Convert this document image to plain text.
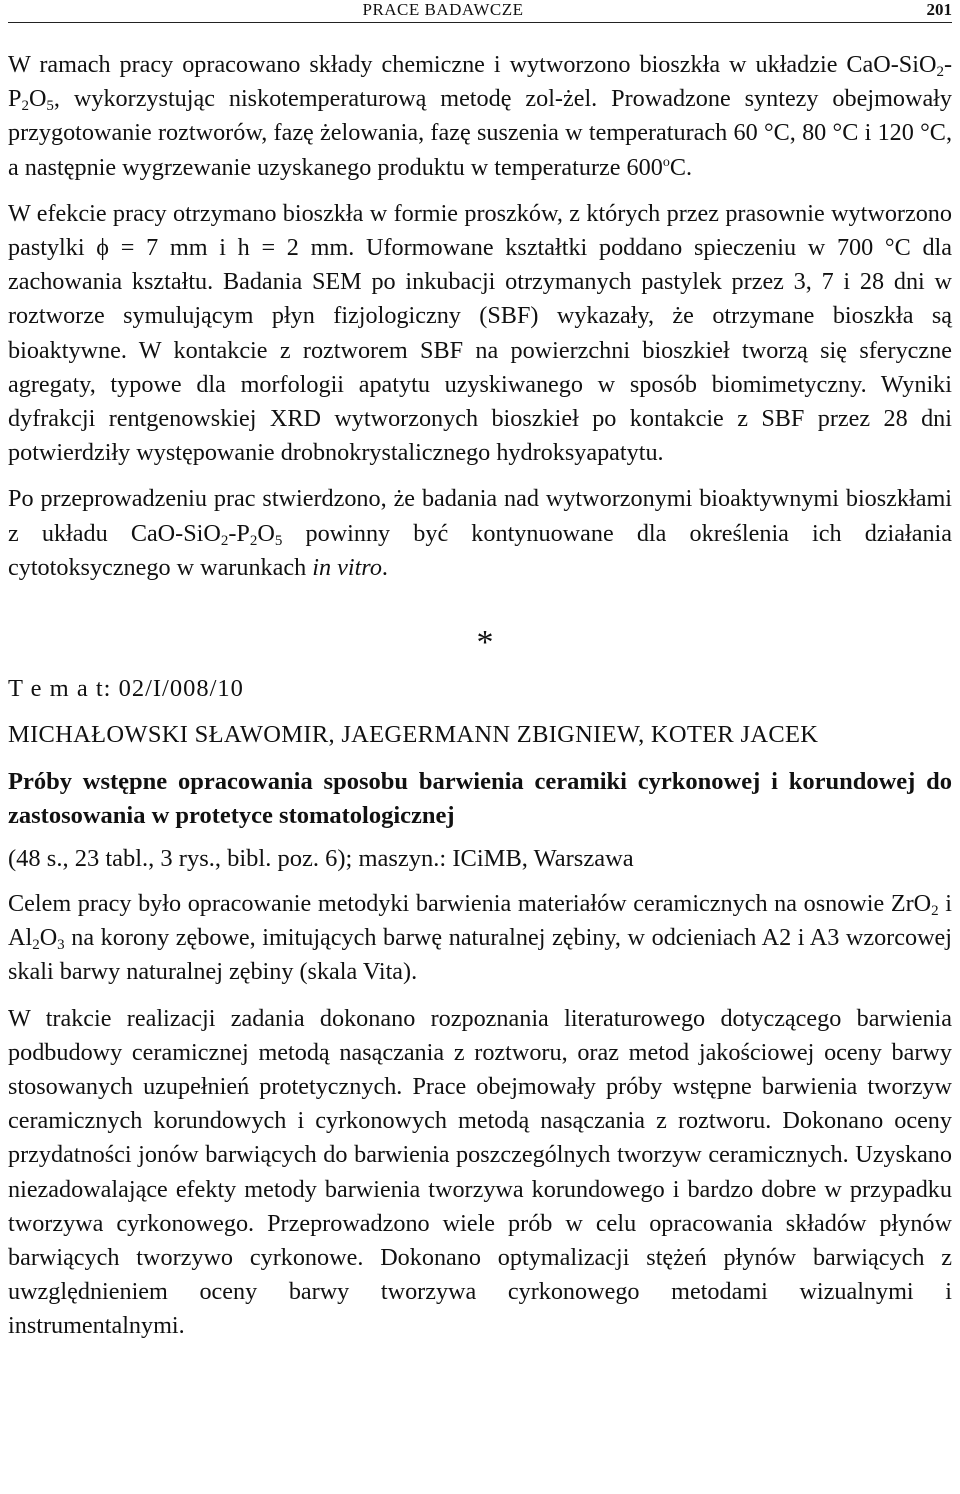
PRACE BADAWCZE	201

W ramach pracy opracowano składy chemiczne i wytworzono bioszkła w układzie CaO-$SiO_2-P_2O_5$, wykorzystując niskotemperaturową metodę zol-żel. Prowadzone syntezy obejmowały przygotowanie roztworów, fazę żelowania, fazę suszenia w temperaturach 60 °C, 80 °C i 120 °C, a następnie wygrzewanie uzyskanego produktu w temperaturze 600$^o$C.

W efekcie pracy otrzymano bioszkła w formie proszków, z których przez prasownie wytworzono pastylki ϕ = 7 mm i h = 2 mm. Uformowane kształtki poddano spieczeniu w 700 °C dla zachowania kształtu. Badania SEM po inkubacji otrzymanych pastylek przez 3, 7 i 28 dni w roztworze symulującym płyn fizjologiczny (SBF) wykazały, że otrzymane bioszkła są bioaktywne. W kontakcie z roztworem SBF na powierzchni bioszkieł tworzą się sferyczne agregaty, typowe dla morfologii apatytu uzyskiwanego w sposób biomimetyczny. Wyniki dyfrakcji rentgenowskiej XRD wytworzonych bioszkieł po kontakcie z SBF przez 28 dni potwierdziły występowanie drobnokrystalicznego hydroksyapatytu.

Po przeprowadzeniu prac stwierdzono, że badania nad wytworzonymi bioaktywnymi bioszkłami z układu CaO-$SiO_2-P_2O_5$ powinny być kontynuowane dla określenia ich działania cytotoksycznego w warunkach in vitro.

*
T e m a t: 02/I/008/10
MICHAŁOWSKI SŁAWOMIR, JAEGERMANN ZBIGNIEW, KOTER JACEK
Próby wstępne opracowania sposobu barwienia ceramiki cyrkonowej i korundowej do zastosowania w protetyce stomatologicznej
(48 s., 23 tabl., 3 rys., bibl. poz. 6); maszyn.: ICiMB, Warszawa

Celem pracy było opracowanie metodyki barwienia materiałów ceramicznych na osnowie ZrO$_2$ i $Al_2O_3$ na korony zębowe, imitujących barwę naturalnej zębiny, w odcieniach A2 i A3 wzorcowej skali barwy naturalnej zębiny (skala Vita).

W trakcie realizacji zadania dokonano rozpoznania literaturowego dotyczącego barwienia podbudowy ceramicznej metodą nasączania z roztworu, oraz metod jakościowej oceny barwy stosowanych uzupełnień protetycznych. Prace obejmowały próby wstępne barwienia tworzyw ceramicznych korundowych i cyrkonowych metodą nasączania z roztworu. Dokonano oceny przydatności jonów barwiących do barwienia poszczególnych tworzyw ceramicznych. Uzyskano niezadowalające efekty metody barwienia tworzywa korundowego i bardzo dobre w przypadku tworzywa cyrkonowego. Przeprowadzono wiele prób w celu opracowania składów płynów barwiących tworzywo cyrkonowe. Dokonano optymalizacji stężeń płynów barwiących z uwzględnieniem oceny barwy tworzywa cyrkonowego metodami wizualnymi i instrumentalnymi.
